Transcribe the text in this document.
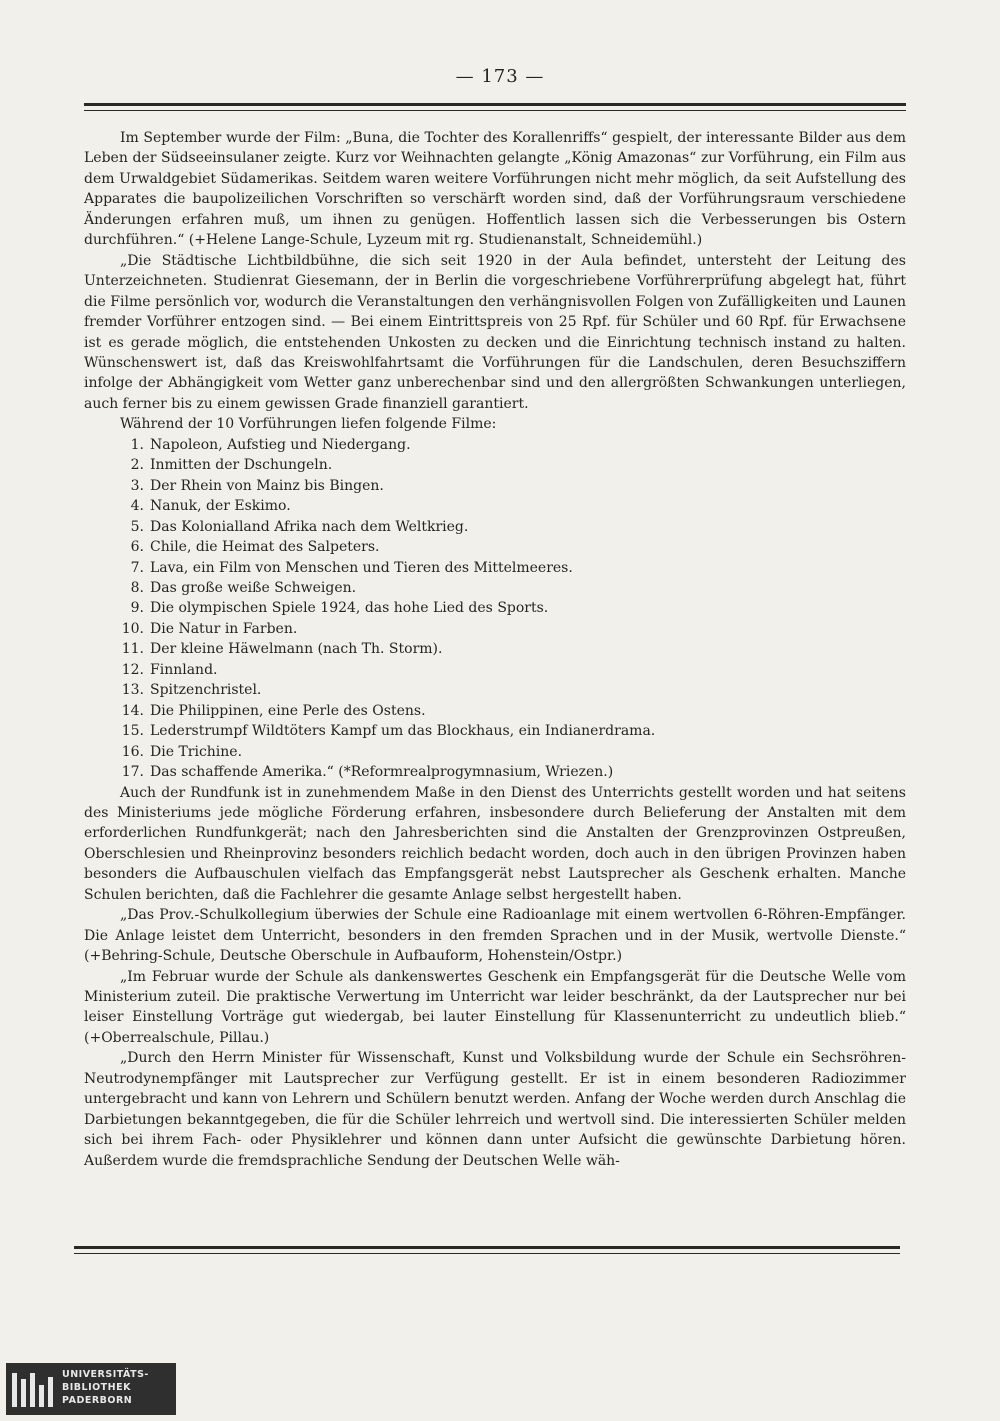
— 173 —

Im September wurde der Film: „Buna, die Tochter des Korallenriffs“ gespielt, der interessante Bilder aus dem Leben der Südseeinsulaner zeigte. Kurz vor Weihnachten gelangte „König Amazonas“ zur Vorführung, ein Film aus dem Urwaldgebiet Südamerikas. Seitdem waren weitere Vorführungen nicht mehr möglich, da seit Aufstellung des Apparates die baupolizeilichen Vorschriften so verschärft worden sind, daß der Vorführungsraum verschiedene Änderungen erfahren muß, um ihnen zu genügen. Hoffentlich lassen sich die Verbesserungen bis Ostern durchführen.“ (+Helene Lange-Schule, Lyzeum mit rg. Studienanstalt, Schneidemühl.)

„Die Städtische Lichtbildbühne, die sich seit 1920 in der Aula befindet, untersteht der Leitung des Unterzeichneten. Studienrat Giesemann, der in Berlin die vorgeschriebene Vorführerprüfung abgelegt hat, führt die Filme persönlich vor, wodurch die Veranstaltungen den verhängnisvollen Folgen von Zufälligkeiten und Launen fremder Vorführer entzogen sind. — Bei einem Eintrittspreis von 25 Rpf. für Schüler und 60 Rpf. für Erwachsene ist es gerade möglich, die entstehenden Unkosten zu decken und die Einrichtung technisch instand zu halten. Wünschenswert ist, daß das Kreiswohlfahrtsamt die Vorführungen für die Landschulen, deren Besuchsziffern infolge der Abhängigkeit vom Wetter ganz unberechenbar sind und den allergrößten Schwankungen unterliegen, auch ferner bis zu einem gewissen Grade finanziell garantiert.

Während der 10 Vorführungen liefen folgende Filme:

1. Napoleon, Aufstieg und Niedergang.
2. Inmitten der Dschungeln.
3. Der Rhein von Mainz bis Bingen.
4. Nanuk, der Eskimo.
5. Das Kolonialland Afrika nach dem Weltkrieg.
6. Chile, die Heimat des Salpeters.
7. Lava, ein Film von Menschen und Tieren des Mittelmeeres.
8. Das große weiße Schweigen.
9. Die olympischen Spiele 1924, das hohe Lied des Sports.
10. Die Natur in Farben.
11. Der kleine Häwelmann (nach Th. Storm).
12. Finnland.
13. Spitzenchristel.
14. Die Philippinen, eine Perle des Ostens.
15. Lederstrumpf Wildtöters Kampf um das Blockhaus, ein Indianerdrama.
16. Die Trichine.
17. Das schaffende Amerika.“ (*Reformrealprogymnasium, Wriezen.)

Auch der Rundfunk ist in zunehmendem Maße in den Dienst des Unterrichts gestellt worden und hat seitens des Ministeriums jede mögliche Förderung erfahren, insbesondere durch Belieferung der Anstalten mit dem erforderlichen Rundfunkgerät; nach den Jahresberichten sind die Anstalten der Grenzprovinzen Ostpreußen, Oberschlesien und Rheinprovinz besonders reichlich bedacht worden, doch auch in den übrigen Provinzen haben besonders die Aufbauschulen vielfach das Empfangsgerät nebst Lautsprecher als Geschenk erhalten. Manche Schulen berichten, daß die Fachlehrer die gesamte Anlage selbst hergestellt haben.

„Das Prov.-Schulkollegium überwies der Schule eine Radioanlage mit einem wertvollen 6-Röhren-Empfänger. Die Anlage leistet dem Unterricht, besonders in den fremden Sprachen und in der Musik, wertvolle Dienste.“ (+Behring-Schule, Deutsche Oberschule in Aufbauform, Hohenstein/Ostpr.)

„Im Februar wurde der Schule als dankenswertes Geschenk ein Empfangsgerät für die Deutsche Welle vom Ministerium zuteil. Die praktische Verwertung im Unterricht war leider beschränkt, da der Lautsprecher nur bei leiser Einstellung Vorträge gut wiedergab, bei lauter Einstellung für Klassenunterricht zu undeutlich blieb.“ (+Oberrealschule, Pillau.)

„Durch den Herrn Minister für Wissenschaft, Kunst und Volksbildung wurde der Schule ein Sechsröhren-Neutrodynempfänger mit Lautsprecher zur Verfügung gestellt. Er ist in einem besonderen Radiozimmer untergebracht und kann von Lehrern und Schülern benutzt werden. Anfang der Woche werden durch Anschlag die Darbietungen bekanntgegeben, die für die Schüler lehrreich und wertvoll sind. Die interessierten Schüler melden sich bei ihrem Fach- oder Physiklehrer und können dann unter Aufsicht die gewünschte Darbietung hören. Außerdem wurde die fremdsprachliche Sendung der Deutschen Welle wäh-

UNIVERSITÄTS-
BIBLIOTHEK
PADERBORN
